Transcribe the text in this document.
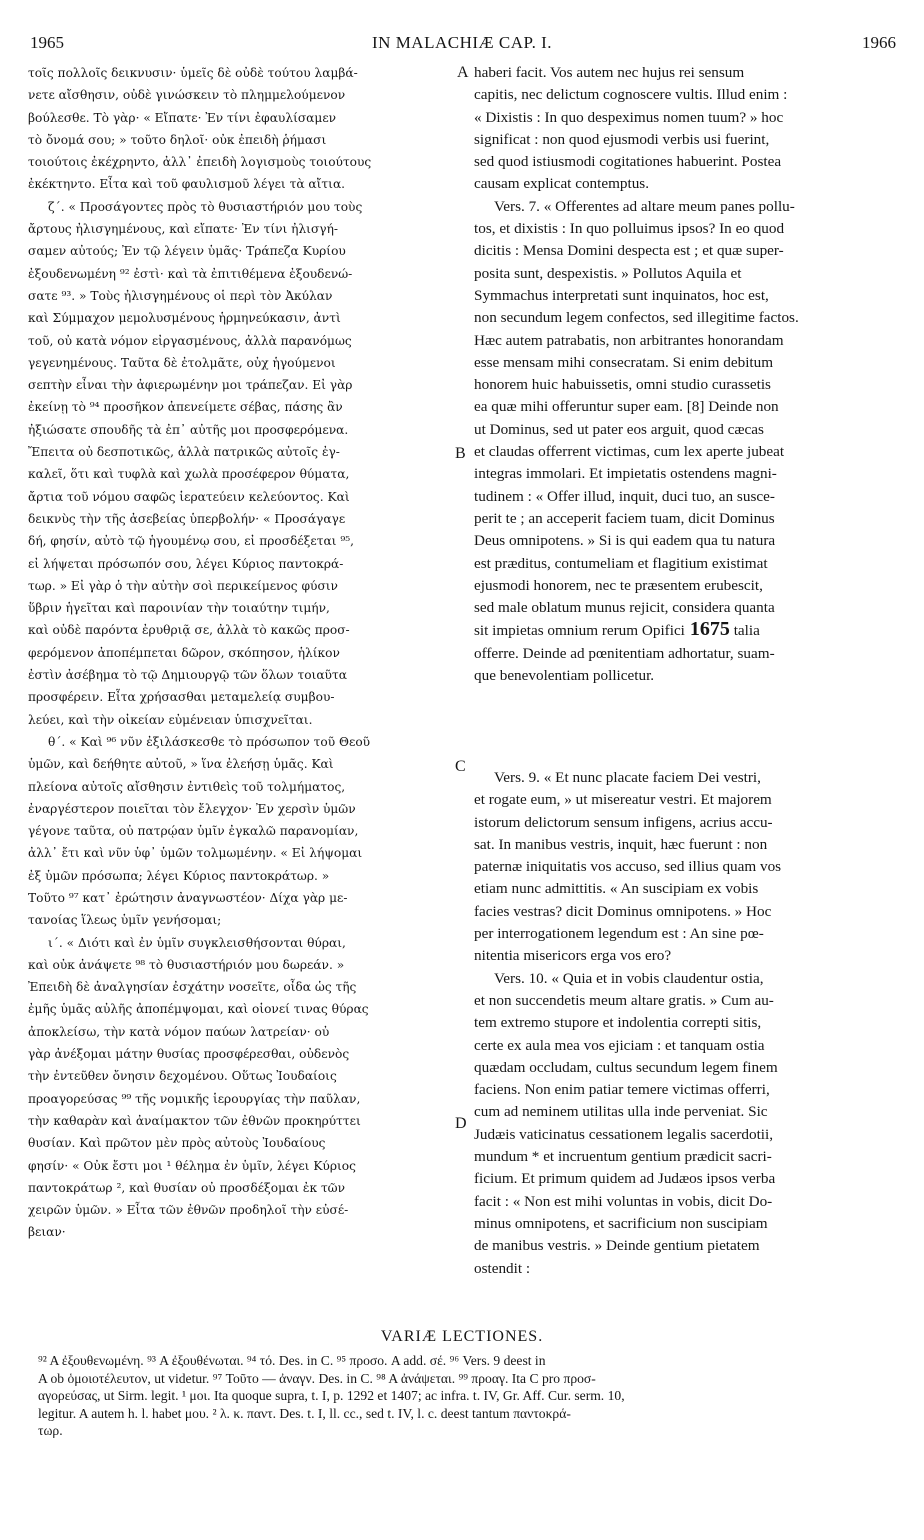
IN MALACHIÆ CAP. I.
1965	1966
τοῖς πολλοῖς δεικνυσιν· ὑμεῖς δὲ οὐδὲ τούτου λαμβά-
νετε αἴσθησιν, οὐδὲ γινώσκειν τὸ πλημμελούμενον
βούλεσθε. Τὸ γὰρ· « Εἴπατε· Ἐν τίνι ἐφαυλίσαμεν
τὸ ὄνομά σου; » τοῦτο δηλοῖ· οὐκ ἐπειδὴ ῥήμασι
τοιούτοις ἐκέχρηντο, ἀλλ᾽ ἐπειδὴ λογισμοὺς τοιούτους
ἐκέκτηντο. Εἶτα καὶ τοῦ φαυλισμοῦ λέγει τὰ αἴτια.
ζ΄. « Προσάγοντες πρὸς τὸ θυσιαστήριόν μου τοὺς
ἄρτους ἠλισγημένους, καὶ εἴπατε· Ἐν τίνι ἠλισγή-
σαμεν αὐτούς; Ἐν τῷ λέγειν ὑμᾶς· Τράπεζα Κυρίου
ἐξουδενωμένη ⁹² ἐστὶ· καὶ τὰ ἐπιτιθέμενα ἐξουδενώ-
σατε ⁹³. » Τοὺς ἠλισγημένους οἱ περὶ τὸν Ἀκύλαν
καὶ Σύμμαχον μεμολυσμένους ἡρμηνεύκασιν, ἀντὶ
τοῦ, οὐ κατὰ νόμον εἰργασμένους, ἀλλὰ παρανόμως
γεγενημένους. Ταῦτα δὲ ἐτολμᾶτε, οὐχ ἡγούμενοι
σεπτὴν εἶναι τὴν ἀφιερωμένην μοι τράπεζαν. Εἰ γὰρ
ἐκείνῃ τὸ ⁹⁴ προσῆκον ἀπενείμετε σέβας, πάσης ἂν
ἠξιώσατε σπουδῆς τὰ ἐπ᾽ αὐτῆς μοι προσφερόμενα.
Ἔπειτα οὐ δεσποτικῶς, ἀλλὰ πατρικῶς αὐτοῖς ἐγ-
καλεῖ, ὅτι καὶ τυφλὰ καὶ χωλὰ προσέφερον θύματα,
ἄρτια τοῦ νόμου σαφῶς ἱερατεύειν κελεύοντος. Καὶ
δεικνὺς τὴν τῆς ἀσεβείας ὑπερβολήν· « Προσάγαγε
δή, φησίν, αὐτὸ τῷ ἡγουμένῳ σου, εἰ προσδέξεται ⁹⁵,
εἰ λήψεται πρόσωπόν σου, λέγει Κύριος παντοκρά-
τωρ. » Εἰ γὰρ ὁ τὴν αὐτὴν σοὶ περικείμενος φύσιν
ὕβριν ἡγεῖται καὶ παροινίαν τὴν τοιαύτην τιμήν,
καὶ οὐδὲ παρόντα ἐρυθριᾷ σε, ἀλλὰ τὸ κακῶς προσ-
φερόμενον ἀποπέμπεται δῶρον, σκόπησον, ἡλίκον
ἐστὶν ἀσέβημα τὸ τῷ Δημιουργῷ τῶν ὅλων τοιαῦτα
προσφέρειν. Εἶτα χρήσασθαι μεταμελείᾳ συμβου-
λεύει, καὶ τὴν οἰκείαν εὐμένειαν ὑπισχνεῖται.
θ΄. « Καὶ ⁹⁶ νῦν ἐξιλάσκεσθε τὸ πρόσωπον τοῦ Θεοῦ
ὑμῶν, καὶ δεήθητε αὐτοῦ, » ἵνα ἐλεήσῃ ὑμᾶς. Καὶ
πλείονα αὐτοῖς αἴσθησιν ἐντιθεὶς τοῦ τολμήματος,
ἐναργέστερον ποιεῖται τὸν ἔλεγχον· Ἐν χερσὶν ὑμῶν
γέγονε ταῦτα, οὐ πατρῴαν ὑμῖν ἐγκαλῶ παρανομίαν,
ἀλλ᾽ ἔτι καὶ νῦν ὑφ᾽ ὑμῶν τολμωμένην. « Εἰ λήψομαι
ἐξ ὑμῶν πρόσωπα; λέγει Κύριος παντοκράτωρ. »
Τοῦτο ⁹⁷ κατ᾽ ἐρώτησιν ἀναγνωστέον· Δίχα γὰρ με-
τανοίας ἵλεως ὑμῖν γενήσομαι;
ι΄. « Διότι καὶ ἐν ὑμῖν συγκλεισθήσονται θύραι,
καὶ οὐκ ἀνάψετε ⁹⁸ τὸ θυσιαστήριόν μου δωρεάν. »
Ἐπειδὴ δὲ ἀναλγησίαν ἐσχάτην νοσεῖτε, οἶδα ὡς τῆς
ἐμῆς ὑμᾶς αὐλῆς ἀποπέμψομαι, καὶ οἱονεί τινας θύρας
ἀποκλείσω, τὴν κατὰ νόμον παύων λατρείαν· οὐ
γὰρ ἀνέξομαι μάτην θυσίας προσφέρεσθαι, οὐδενὸς
τὴν ἐντεῦθεν ὄνησιν δεχομένου. Οὕτως Ἰουδαίοις
προαγορεύσας ⁹⁹ τῆς νομικῆς ἱερουργίας τὴν παῦλαν,
τὴν καθαρὰν καὶ ἀναίμακτον τῶν ἐθνῶν προκηρύττει
θυσίαν. Καὶ πρῶτον μὲν πρὸς αὐτοὺς Ἰουδαίους
φησίν· « Οὐκ ἔστι μοι ¹ θέλημα ἐν ὑμῖν, λέγει Κύριος
παντοκράτωρ ², καὶ θυσίαν οὐ προσδέξομαι ἐκ τῶν
χειρῶν ὑμῶν. » Εἶτα τῶν ἐθνῶν προδηλοῖ τὴν εὐσέ-
βειαν·
A
B
C
D
haberi facit. Vos autem nec hujus rei sensum
capitis, nec delictum cognoscere vultis. Illud enim :
« Dixistis : In quo despeximus nomen tuum? » hoc
significat : non quod ejusmodi verbis usi fuerint,
sed quod istiusmodi cogitationes habuerint. Postea
causam explicat contemptus.
Vers. 7. « Offerentes ad altare meum panes pollu-
tos, et dixistis : In quo polluimus ipsos? In eo quod
dicitis : Mensa Domini despecta est ; et quæ super-
posita sunt, despexistis. » Pollutos Aquila et
Symmachus interpretati sunt inquinatos, hoc est,
non secundum legem confectos, sed illegitime factos.
Hæc autem patrabatis, non arbitrantes honorandam
esse mensam mihi consecratam. Si enim debitum
honorem huic habuissetis, omni studio curassetis
ea quæ mihi offeruntur super eam. [8] Deinde non
ut Dominus, sed ut pater eos arguit, quod cæcas
et claudas offerrent victimas, cum lex aperte jubeat
integras immolari. Et impietatis ostendens magni-
tudinem : « Offer illud, inquit, duci tuo, an susce-
perit te ; an acceperit faciem tuam, dicit Dominus
Deus omnipotens. » Si is qui eadem qua tu natura
est præditus, contumeliam et flagitium existimat
ejusmodi honorem, nec te præsentem erubescit,
sed male oblatum munus rejicit, considera quanta
sit impietas omnium rerum Opifici 1675 talia
offerre. Deinde ad pœnitentiam adhortatur, suam-
que benevolentiam pollicetur.
Vers. 9. « Et nunc placate faciem Dei vestri,
et rogate eum, » ut misereatur vestri. Et majorem
istorum delictorum sensum infigens, acrius accu-
sat. In manibus vestris, inquit, hæc fuerunt : non
paternæ iniquitatis vos accuso, sed illius quam vos
etiam nunc admittitis. « An suscipiam ex vobis
facies vestras? dicit Dominus omnipotens. » Hoc
per interrogationem legendum est : An sine pœ-
nitentia misericors erga vos ero?
Vers. 10. « Quia et in vobis claudentur ostia,
et non succendetis meum altare gratis. » Cum au-
tem extremo stupore et indolentia correpti sitis,
certe ex aula mea vos ejiciam : et tanquam ostia
quædam occludam, cultus secundum legem finem
faciens. Non enim patiar temere victimas offerri,
cum ad neminem utilitas ulla inde perveniat. Sic
Judæis vaticinatus cessationem legalis sacerdotii,
mundum * et incruentum gentium prædicit sacri-
ficium. Et primum quidem ad Judæos ipsos verba
facit : « Non est mihi voluntas in vobis, dicit Do-
minus omnipotens, et sacrificium non suscipiam
de manibus vestris. » Deinde gentium pietatem
ostendit :
VARIÆ LECTIONES.
⁹² A ἐξουθενωμένη. ⁹³ A ἐξουθένωται. ⁹⁴ τό. Des. in C. ⁹⁵ προσο. A add. σέ. ⁹⁶ Vers. 9 deest in
A ob ὁμοιοτέλευτον, ut videtur. ⁹⁷ Τοῦτο — ἀναγν. Des. in C. ⁹⁸ A ἀνάψεται. ⁹⁹ προαγ. Ita C pro προσ-
αγορεύσας, ut Sirm. legit. ¹ μοι. Ita quoque supra, t. I, p. 1292 et 1407; ac infra. t. IV, Gr. Aff. Cur. serm. 10,
legitur. A autem h. l. habet μου. ² λ. κ. παντ. Des. t. I, ll. cc., sed t. IV, l. c. deest tantum παντοκρά-
τωρ.
